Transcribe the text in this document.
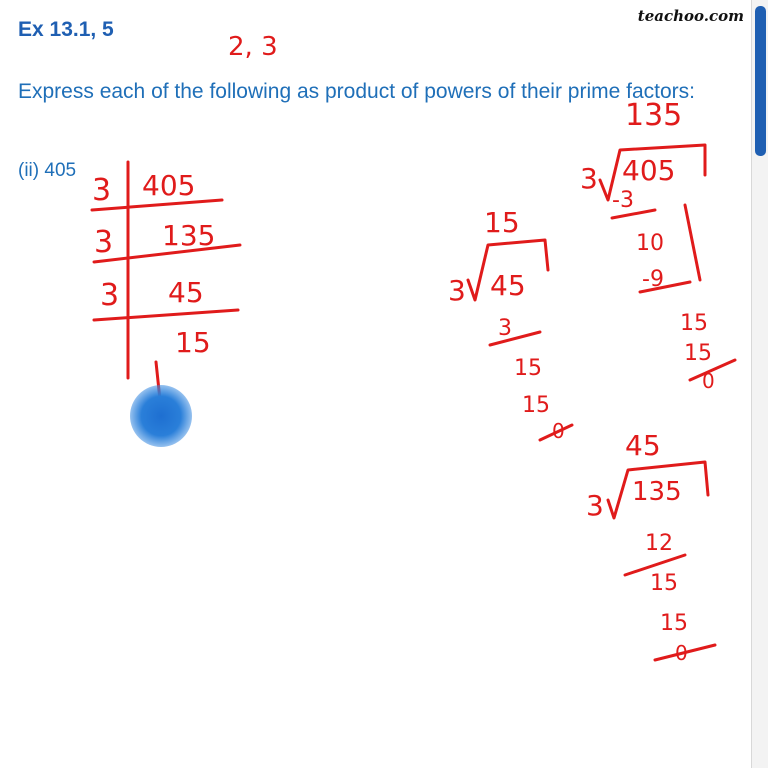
Ex 13.1, 5
teachoo.com
Express each of the following as product of powers of their prime factors:
(ii) 405
2, 3
3
3
3
405
135
45
15
135
3 405
-3
10
-9
15
15
0
15
3 45
3
15
15
0 45
3 135
12
15
15
0
